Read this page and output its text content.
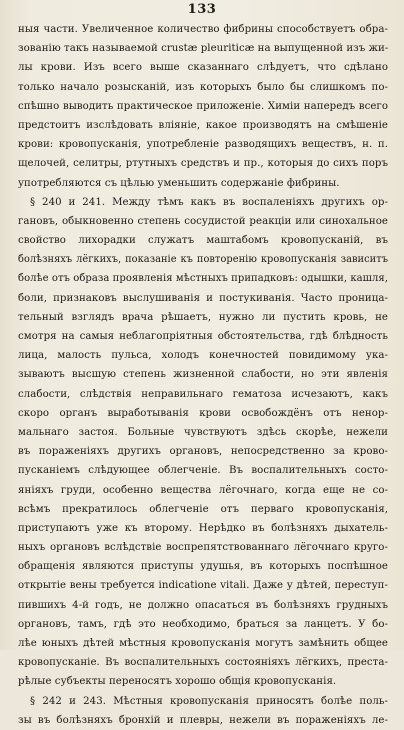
133
ныя части. Увеличенное количество фибрины способствуетъ обра-
зованію такъ называемой crustæ pleuriticæ на выпущенной изъ жи-
лы крови. Изъ всего выше сказаннаго слѣдуетъ, что сдѣлано
только начало розысканій, изъ которыхъ было бы слишкомъ по-
спѣшно выводить практическое приложеніе. Химіи напередъ всего
предстоитъ изслѣдовать вліяніе, какое производятъ на смѣшеніе
крови: кровопусканія, употребленіе разводящихъ веществъ, н. п.
щелочей, селитры, ртутныхъ средствъ и пр., которыя до сихъ поръ
употребляются съ цѣлью уменьшить содержаніе фибрины.
§ 240 и 241. Между тѣмъ какъ въ воспаленіяхъ другихъ ор-
гановъ, обыкновенно степень сосудистой реакціи или синохальное
свойство лихорадки служатъ маштабомъ кровопусканій, въ
болѣзняхъ лёгкихъ, показаніе къ повторенію кровопусканія зависитъ
болѣе отъ образа проявленія мѣстныхъ припадковъ: одышки, кашля,
боли, признаковъ выслушиванія и постукиванія. Часто проница-
тельный взглядъ врача рѣшаетъ, нужно ли пустить кровь, не
смотря на самыя неблагопріятныя обстоятельства, гдѣ блѣдность
лица, малость пульса, холодъ конечностей повидимому ука-
зываютъ высшую степень жизненной слабости, но эти явленія
слабости, слѣдствія неправильнаго гематоза исчезаютъ, какъ
скоро органъ выработыванія крови освобождёнъ отъ ненор-
мальнаго застоя. Больные чувствуютъ здѣсь скорѣе, нежели
въ пораженіяхъ другихъ органовъ, непосредственно за крово-
пусканіемъ слѣдующее облегченіе. Въ воспалительныхъ состо-
яніяхъ груди, особенно вещества лёгочнаго, когда еще не со-
всѣмъ прекратилось облегченіе отъ перваго кровопусканія,
приступаютъ уже къ второму. Нерѣдко въ болѣзняхъ дыхатель-
ныхъ органовъ вслѣдствіе воспрепятствованнаго лёгочнаго круго-
обращенія являются приступы удушья, въ которыхъ поспѣшное
открытіе вены требуется indicatione vitali. Даже у дѣтей, переступ-
пившихъ 4-й годъ, не должно опасаться въ болѣзняхъ грудныхъ
органовъ, тамъ, гдѣ это необходимо, браться за ланцетъ. У бо-
лѣе юныхъ дѣтей мѣстныя кровопусканія могутъ замѣнить общее
кровопусканіе. Въ воспалительныхъ состояніяхъ лёгкихъ, преста-
рѣлые субъекты переносятъ хорошо общія кровопусканія.
§ 242 и 243. Мѣстныя кровопусканія приносятъ болѣе поль-
зы въ болѣзняхъ бронхій и плевры, нежели въ пораженіяхъ ле-
